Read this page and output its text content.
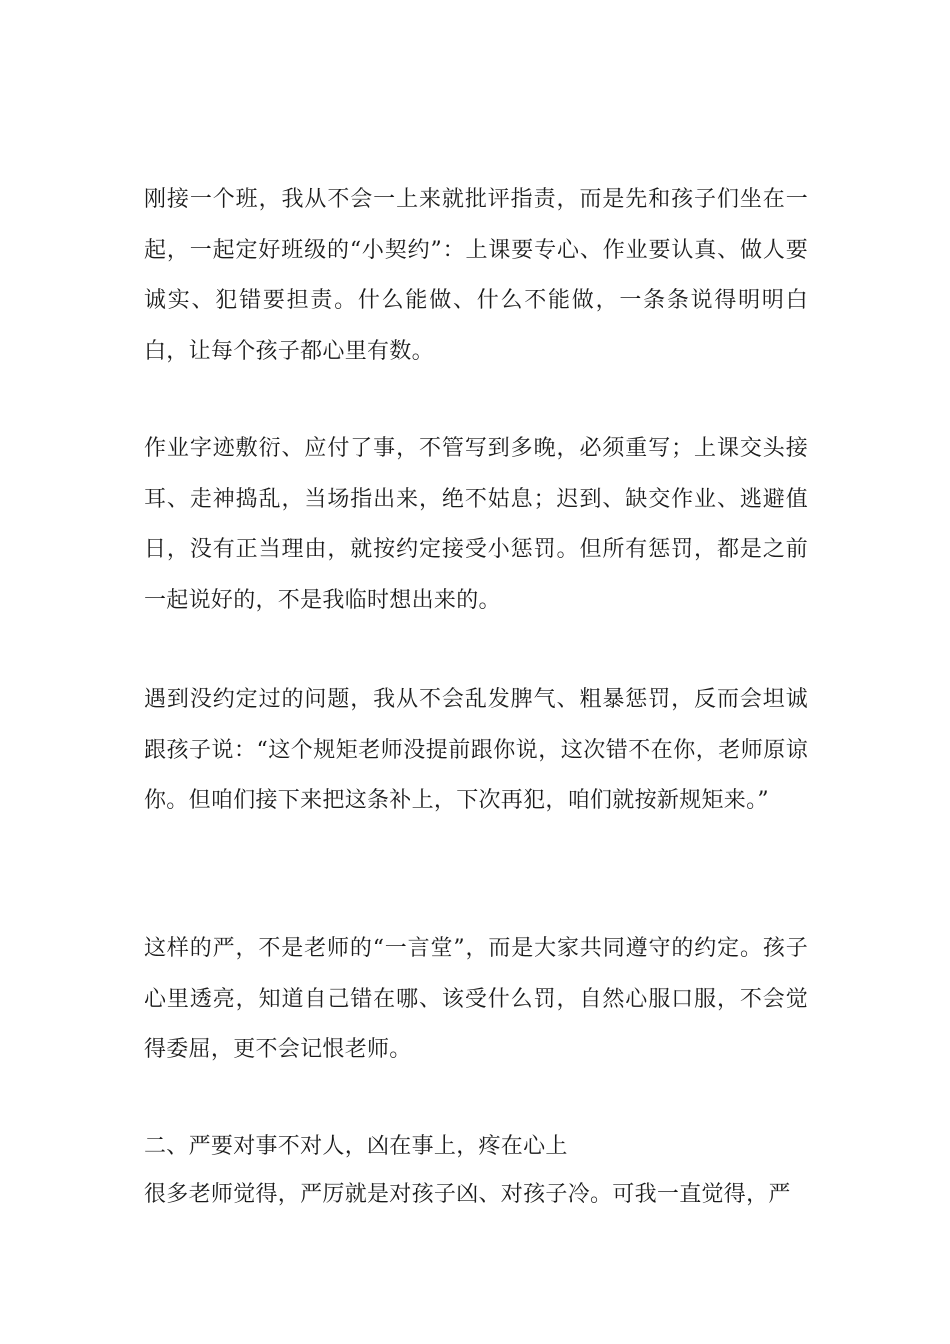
刚接一个班，我从不会一上来就批评指责，而是先和孩子们坐在一起，一起定好班级的“小契约”：上课要专心、作业要认真、做人要诚实、犯错要担责。什么能做、什么不能做，一条条说得明明白白，让每个孩子都心里有数。

作业字迹敷衍、应付了事，不管写到多晚，必须重写；上课交头接耳、走神捣乱，当场指出来，绝不姑息；迟到、缺交作业、逃避值日，没有正当理由，就按约定接受小惩罚。但所有惩罚，都是之前一起说好的，不是我临时想出来的。

遇到没约定过的问题，我从不会乱发脾气、粗暴惩罚，反而会坦诚跟孩子说：“这个规矩老师没提前跟你说，这次错不在你，老师原谅你。但咱们接下来把这条补上，下次再犯，咱们就按新规矩来。”

这样的严，不是老师的“一言堂”，而是大家共同遵守的约定。孩子心里透亮，知道自己错在哪、该受什么罚，自然心服口服，不会觉得委屈，更不会记恨老师。

二、严要对事不对人，凶在事上，疼在心上

很多老师觉得，严厉就是对孩子凶、对孩子冷。可我一直觉得，严
